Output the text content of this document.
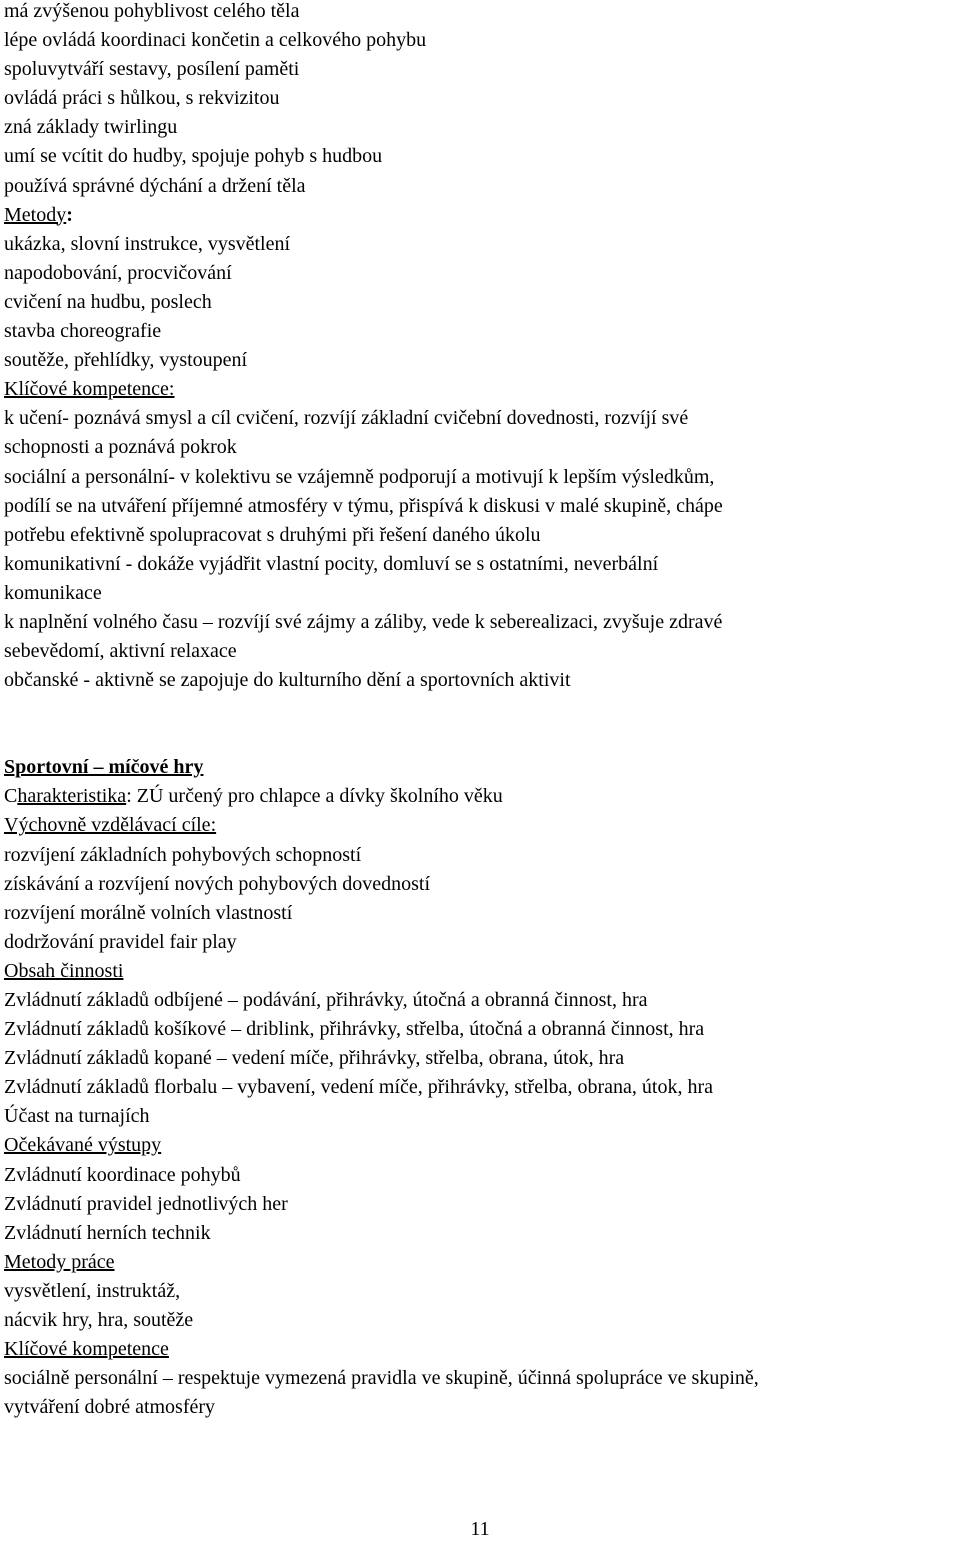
má zvýšenou pohyblivost celého těla
lépe ovládá koordinaci končetin a celkového pohybu
spoluvytváří sestavy, posílení paměti
ovládá práci s hůlkou, s rekvizitou
zná základy twirlingu
umí se vcítit do hudby, spojuje pohyb s hudbou
používá správné dýchání a držení těla
Metody:
ukázka, slovní instrukce, vysvětlení
napodobování, procvičování
cvičení na hudbu, poslech
stavba choreografie
soutěže, přehlídky, vystoupení
Klíčové kompetence:
k učení- poznává smysl a cíl cvičení, rozvíjí základní cvičební dovednosti, rozvíjí své
schopnosti a poznává pokrok
sociální a personální- v kolektivu se vzájemně podporují a motivují k lepším výsledkům,
podílí se na utváření příjemné atmosféry v týmu, přispívá k diskusi v malé skupině, chápe
potřebu efektivně spolupracovat s druhými při řešení daného úkolu
komunikativní - dokáže vyjádřit vlastní pocity, domluví se s ostatními, neverbální
komunikace
k naplnění volného času – rozvíjí své zájmy a záliby, vede k seberealizaci, zvyšuje zdravé
sebevědomí, aktivní relaxace
občanské - aktivně se zapojuje do kulturního dění a sportovních aktivit
Sportovní – míčové hry
Charakteristika: ZÚ určený pro chlapce a dívky školního věku
Výchovně vzdělávací cíle:
rozvíjení základních pohybových schopností
získávání a rozvíjení nových pohybových dovedností
rozvíjení morálně volních vlastností
dodržování pravidel fair play
Obsah činnosti
Zvládnutí základů odbíjené – podávání, přihrávky, útočná a obranná činnost, hra
Zvládnutí základů košíkové – driblink, přihrávky, střelba, útočná a obranná činnost, hra
Zvládnutí základů kopané – vedení míče, přihrávky, střelba, obrana, útok, hra
Zvládnutí základů florbalu – vybavení, vedení míče, přihrávky, střelba, obrana, útok, hra
Účast na turnajích
Očekávané výstupy
Zvládnutí koordinace pohybů
Zvládnutí pravidel jednotlivých her
Zvládnutí herních technik
Metody práce
vysvětlení, instruktáž,
nácvik hry, hra, soutěže
Klíčové kompetence
sociálně personální – respektuje vymezená pravidla ve skupině, účinná spolupráce ve skupině,
vytváření dobré atmosféry
11
